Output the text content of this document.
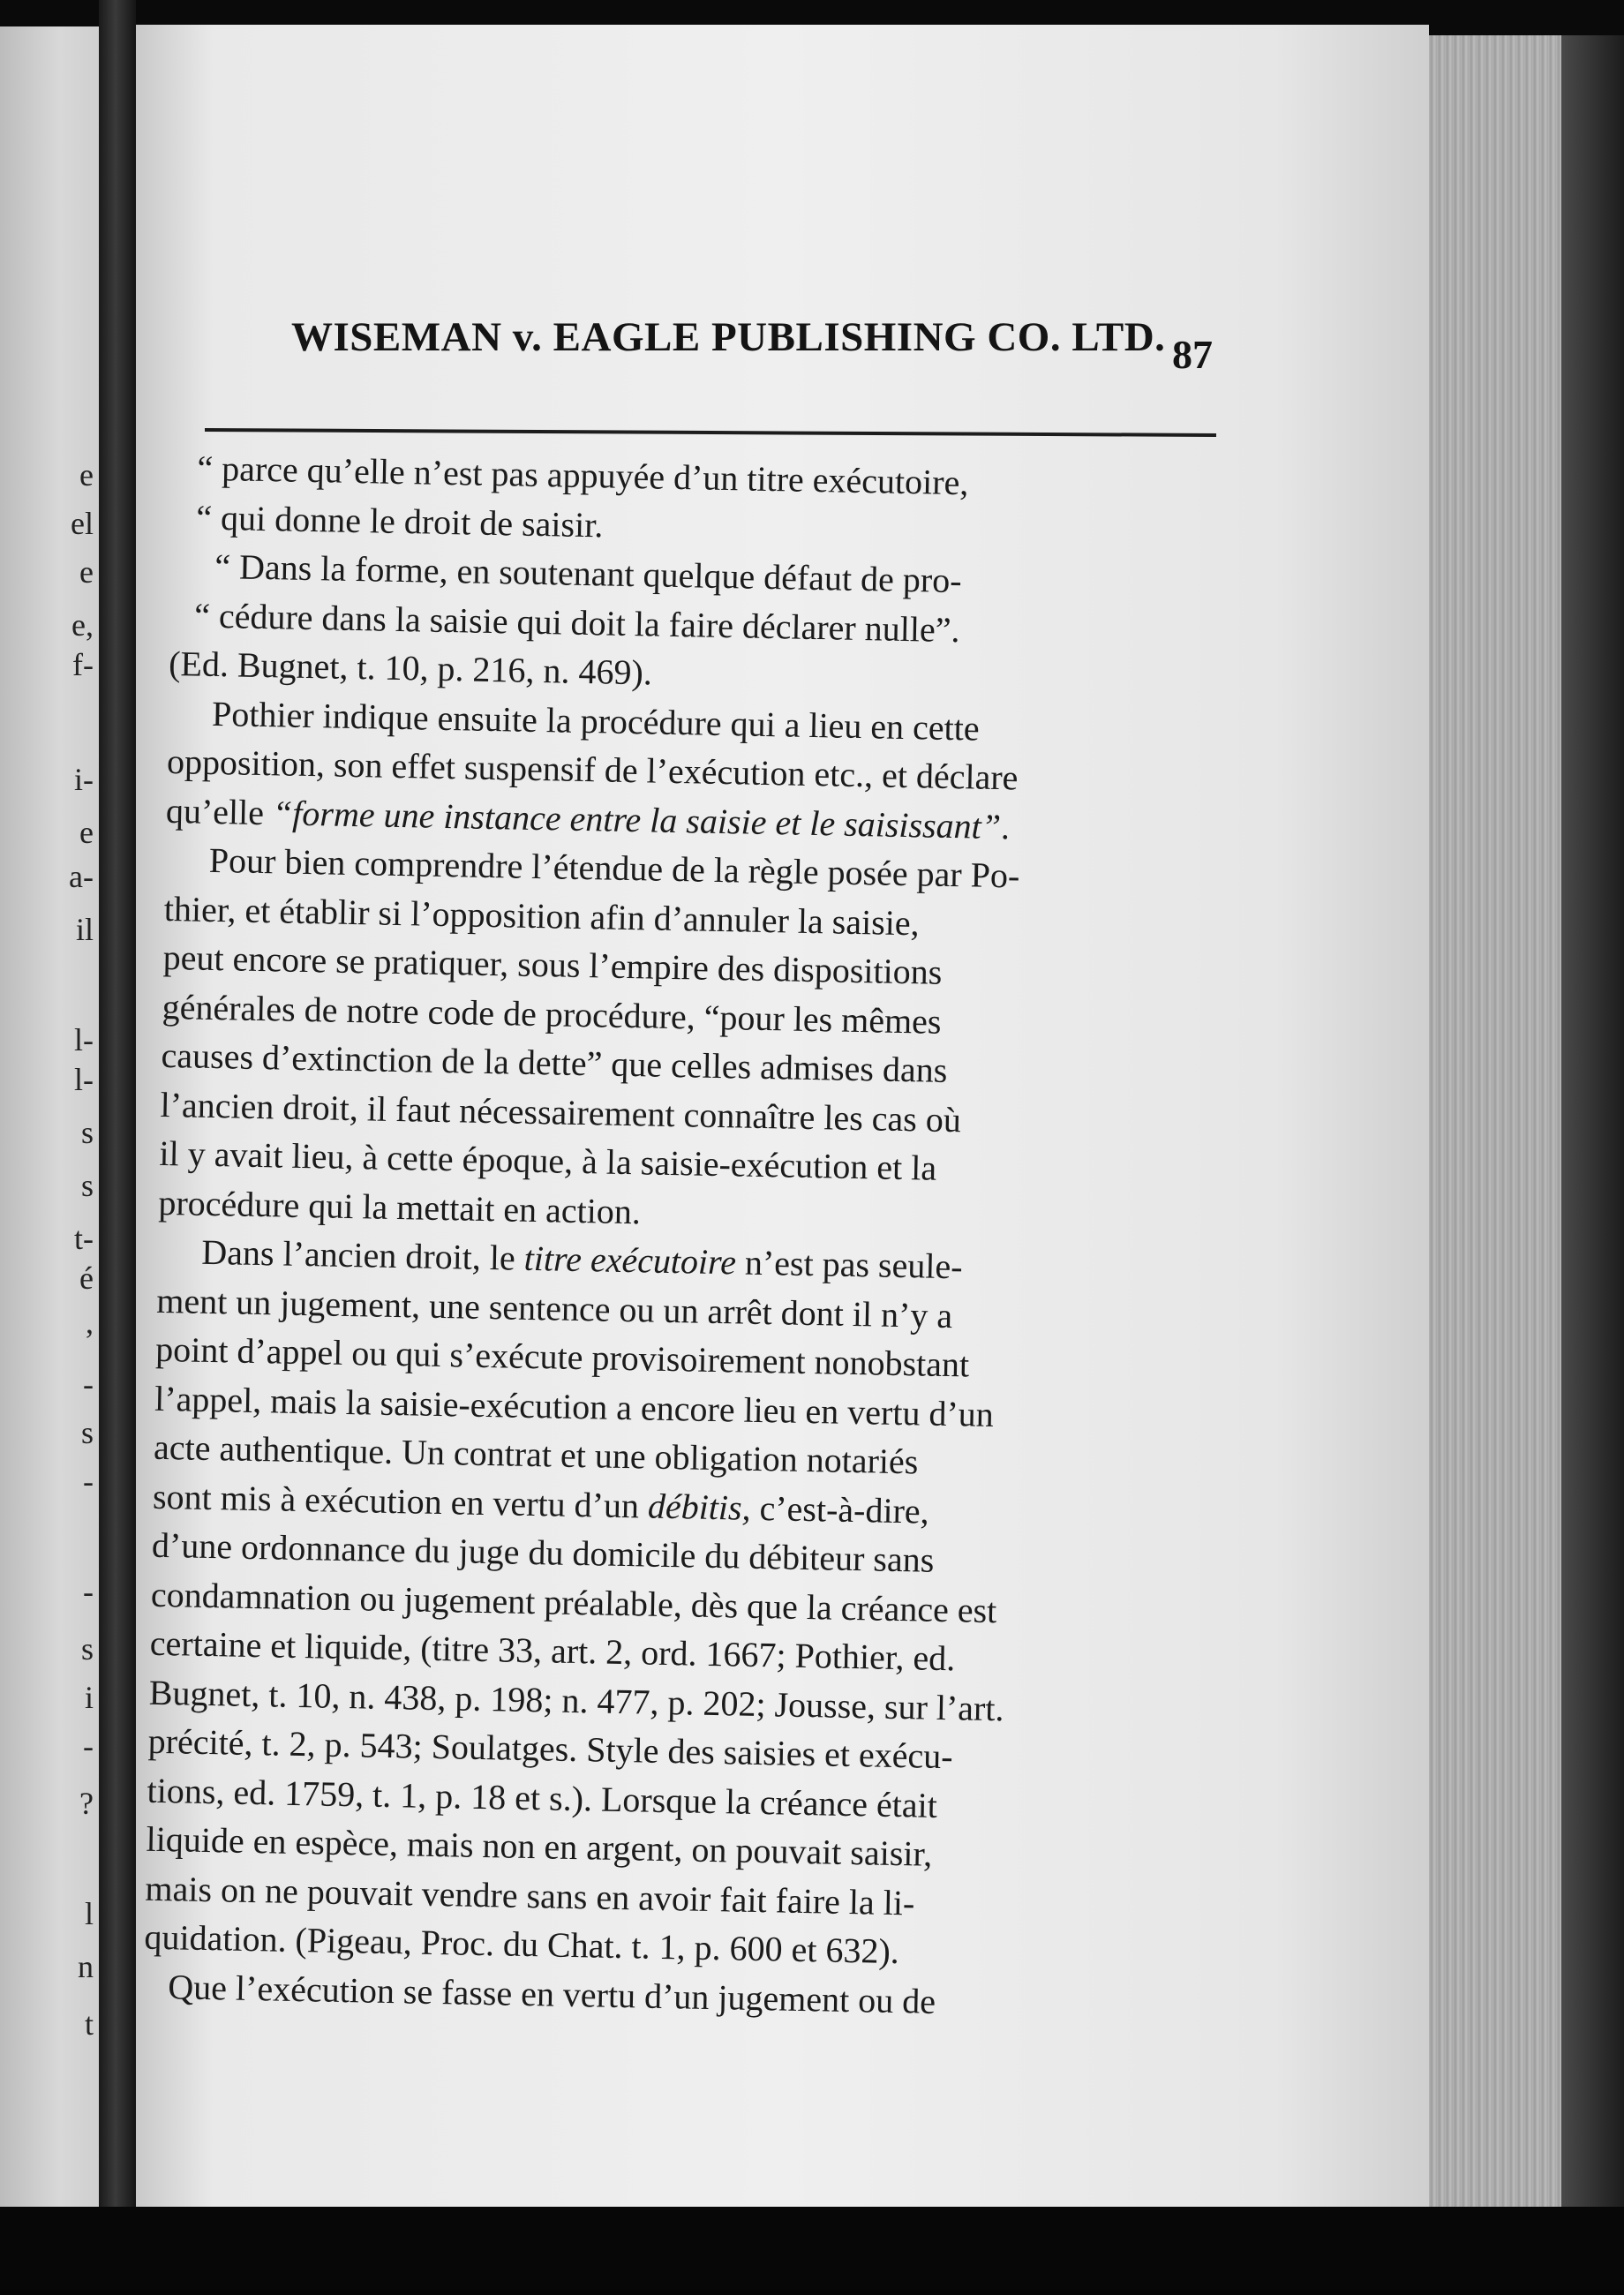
e
el
e
e,
f-
i-
e
a-
il
l-
l-
s
s
t-
é
,
-
s
-
-
s
i
-
?
l
n
t
WISEMAN v. EAGLE PUBLISHING CO. LTD. 87
“ parce qu’elle n’est pas appuyée d’un titre exécutoire,
“ qui donne le droit de saisir.
“ Dans la forme, en soutenant quelque défaut de pro-
“ cédure dans la saisie qui doit la faire déclarer nulle”.
(Ed. Bugnet, t. 10, p. 216, n. 469).
Pothier indique ensuite la procédure qui a lieu en cette
opposition, son effet suspensif de l’exécution etc., et déclare
qu’elle “forme une instance entre la saisie et le saisissant”.
Pour bien comprendre l’étendue de la règle posée par Po-
thier, et établir si l’opposition afin d’annuler la saisie,
peut encore se pratiquer, sous l’empire des dispositions
générales de notre code de procédure, “pour les mêmes
causes d’extinction de la dette” que celles admises dans
l’ancien droit, il faut nécessairement connaître les cas où
il y avait lieu, à cette époque, à la saisie-exécution et la
procédure qui la mettait en action.
Dans l’ancien droit, le titre exécutoire n’est pas seule-
ment un jugement, une sentence ou un arrêt dont il n’y a
point d’appel ou qui s’exécute provisoirement nonobstant
l’appel, mais la saisie-exécution a encore lieu en vertu d’un
acte authentique. Un contrat et une obligation notariés
sont mis à exécution en vertu d’un débitis, c’est-à-dire,
d’une ordonnance du juge du domicile du débiteur sans
condamnation ou jugement préalable, dès que la créance est
certaine et liquide, (titre 33, art. 2, ord. 1667; Pothier, ed.
Bugnet, t. 10, n. 438, p. 198; n. 477, p. 202; Jousse, sur l’art.
précité, t. 2, p. 543; Soulatges. Style des saisies et exécu-
tions, ed. 1759, t. 1, p. 18 et s.). Lorsque la créance était
liquide en espèce, mais non en argent, on pouvait saisir,
mais on ne pouvait vendre sans en avoir fait faire la li-
quidation. (Pigeau, Proc. du Chat. t. 1, p. 600 et 632).
Que l’exécution se fasse en vertu d’un jugement ou de
